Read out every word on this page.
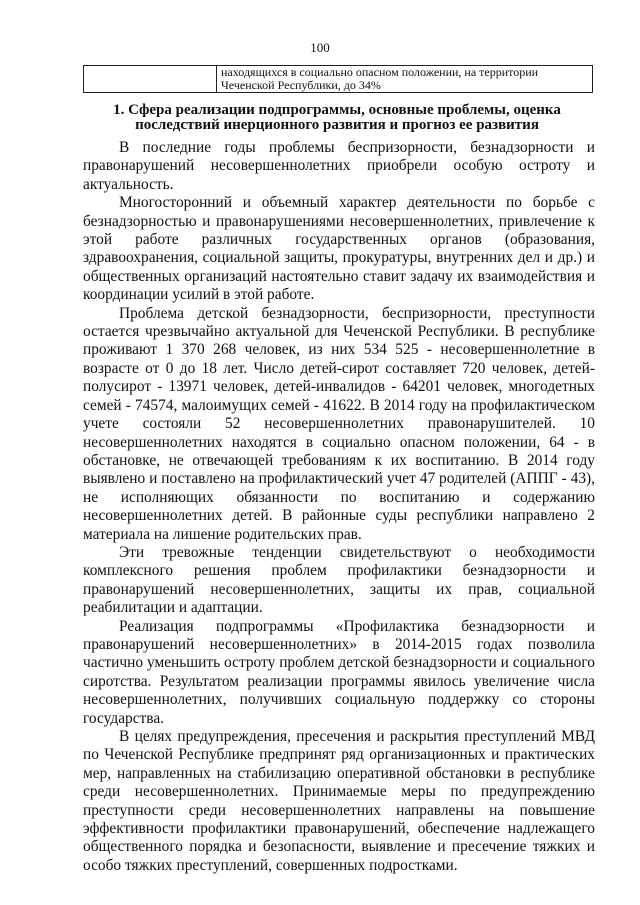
100
	находящихся в социально опасном положении, на территории Чеченской Республики, до 34%
1. Сфера реализации подпрограммы, основные проблемы, оценка последствий инерционного развития и прогноз ее развития

В последние годы проблемы беспризорности, безнадзорности и правонарушений несовершеннолетних приобрели особую остроту и актуальность.

Многосторонний и объемный характер деятельности по борьбе с безнадзорностью и правонарушениями несовершеннолетних, привлечение к этой работе различных государственных органов (образования, здравоохранения, социальной защиты, прокуратуры, внутренних дел и др.) и общественных организаций настоятельно ставит задачу их взаимодействия и координации усилий в этой работе.

Проблема детской безнадзорности, беспризорности, преступности остается чрезвычайно актуальной для Чеченской Республики. В республике проживают 1 370 268 человек, из них 534 525 - несовершеннолетние в возрасте от 0 до 18 лет. Число детей-сирот составляет 720 человек, детей-полусирот - 13971 человек, детей-инвалидов - 64201 человек, многодетных семей - 74574, малоимущих семей - 41622. В 2014 году на профилактическом учете состояли 52 несовершеннолетних правонарушителей. 10 несовершеннолетних находятся в социально опасном положении, 64 - в обстановке, не отвечающей требованиям к их воспитанию. В 2014 году выявлено и поставлено на профилактический учет 47 родителей (АППГ - 43), не исполняющих обязанности по воспитанию и содержанию несовершеннолетних детей. В районные суды республики направлено 2 материала на лишение родительских прав.

Эти тревожные тенденции свидетельствуют о необходимости комплексного решения проблем профилактики безнадзорности и правонарушений несовершеннолетних, защиты их прав, социальной реабилитации и адаптации.

Реализация подпрограммы «Профилактика безнадзорности и правонарушений несовершеннолетних» в 2014-2015 годах позволила частично уменьшить остроту проблем детской безнадзорности и социального сиротства. Результатом реализации программы явилось увеличение числа несовершеннолетних, получивших социальную поддержку со стороны государства.

В целях предупреждения, пресечения и раскрытия преступлений МВД по Чеченской Республике предпринят ряд организационных и практических мер, направленных на стабилизацию оперативной обстановки в республике среди несовершеннолетних. Принимаемые меры по предупреждению преступности среди несовершеннолетних направлены на повышение эффективности профилактики правонарушений, обеспечение надлежащего общественного порядка и безопасности, выявление и пресечение тяжких и особо тяжких преступлений, совершенных подростками.
